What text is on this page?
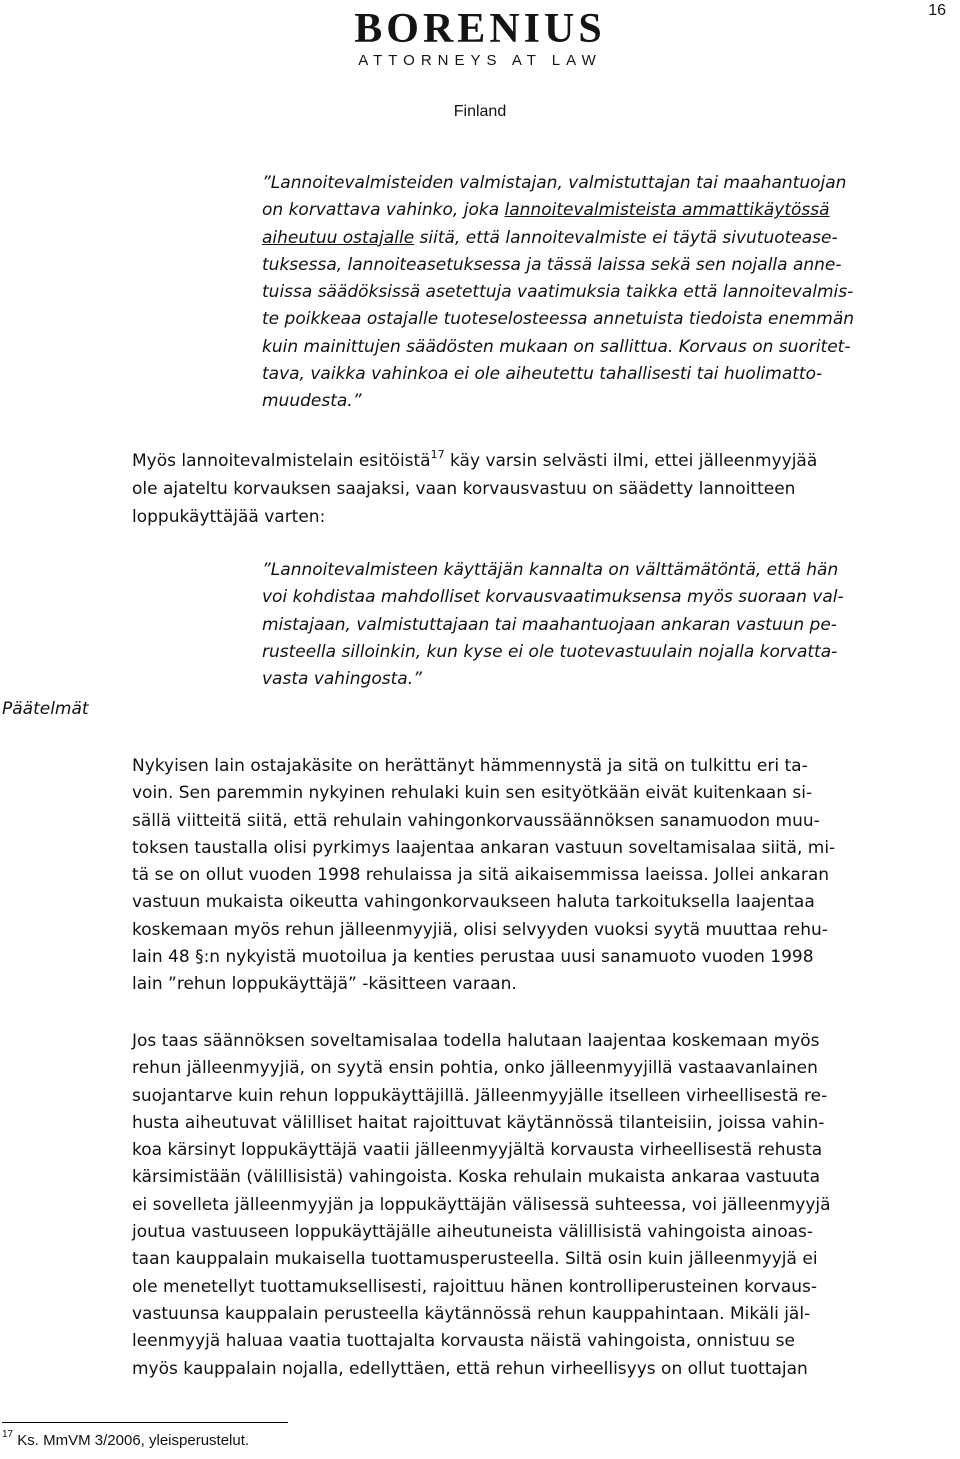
16
BORENIUS
ATTORNEYS AT LAW
Finland
”Lannoitevalmisteiden valmistajan, valmistuttajan tai maahantuojan
on korvattava vahinko, joka lannoitevalmisteista ammattikäytössä
aiheutuu ostajalle siitä, että lannoitevalmiste ei täytä sivutuotease-
tuksessa, lannoiteasetuksessa ja tässä laissa sekä sen nojalla anne-
tuissa säädöksissä asetettuja vaatimuksia taikka että lannoitevalmis-
te poikkeaa ostajalle tuoteselosteessa annetuista tiedoista enemmän
kuin mainittujen säädösten mukaan on sallittua. Korvaus on suoritet-
tava, vaikka vahinkoa ei ole aiheutettu tahallisesti tai huolimatto-
muudesta.”
Myös lannoitevalmistelain esitöistä$^{17}$ käy varsin selvästi ilmi, ettei jälleenmyyjää
ole ajateltu korvauksen saajaksi, vaan korvausvastuu on säädetty lannoitteen
loppukäyttäjää varten:
”Lannoitevalmisteen käyttäjän kannalta on välttämätöntä, että hän
voi kohdistaa mahdolliset korvausvaatimuksensa myös suoraan val-
mistajaan, valmistuttajaan tai maahantuojaan ankaran vastuun pe-
rusteella silloinkin, kun kyse ei ole tuotevastuulain nojalla korvatta-
vasta vahingosta.”
Päätelmät
Nykyisen lain ostajakäsite on herättänyt hämmennystä ja sitä on tulkittu eri ta-
voin. Sen paremmin nykyinen rehulaki kuin sen esityötkään eivät kuitenkaan si-
sällä viitteitä siitä, että rehulain vahingonkorvaussäännöksen sanamuodon muu-
toksen taustalla olisi pyrkimys laajentaa ankaran vastuun soveltamisalaa siitä, mi-
tä se on ollut vuoden 1998 rehulaissa ja sitä aikaisemmissa laeissa. Jollei ankaran
vastuun mukaista oikeutta vahingonkorvaukseen haluta tarkoituksella laajentaa
koskemaan myös rehun jälleenmyyjiä, olisi selvyyden vuoksi syytä muuttaa rehu-
lain 48 §:n nykyistä muotoilua ja kenties perustaa uusi sanamuoto vuoden 1998
lain ”rehun loppukäyttäjä” -käsitteen varaan.
Jos taas säännöksen soveltamisalaa todella halutaan laajentaa koskemaan myös
rehun jälleenmyyjiä, on syytä ensin pohtia, onko jälleenmyyjillä vastaavanlainen
suojantarve kuin rehun loppukäyttäjillä. Jälleenmyyjälle itselleen virheellisestä re-
husta aiheutuvat välilliset haitat rajoittuvat käytännössä tilanteisiin, joissa vahin-
koa kärsinyt loppukäyttäjä vaatii jälleenmyyjältä korvausta virheellisestä rehusta
kärsimistään (välillisistä) vahingoista. Koska rehulain mukaista ankaraa vastuuta
ei sovelleta jälleenmyyjän ja loppukäyttäjän välisessä suhteessa, voi jälleenmyyjä
joutua vastuuseen loppukäyttäjälle aiheutuneista välillisistä vahingoista ainoas-
taan kauppalain mukaisella tuottamusperusteella. Siltä osin kuin jälleenmyyjä ei
ole menetellyt tuottamuksellisesti, rajoittuu hänen kontrolliperusteinen korvaus-
vastuunsa kauppalain perusteella käytännössä rehun kauppahintaan. Mikäli jäl-
leenmyyjä haluaa vaatia tuottajalta korvausta näistä vahingoista, onnistuu se
myös kauppalain nojalla, edellyttäen, että rehun virheellisyys on ollut tuottajan
$^{17}$ Ks. MmVM 3/2006, yleisperustelut.
